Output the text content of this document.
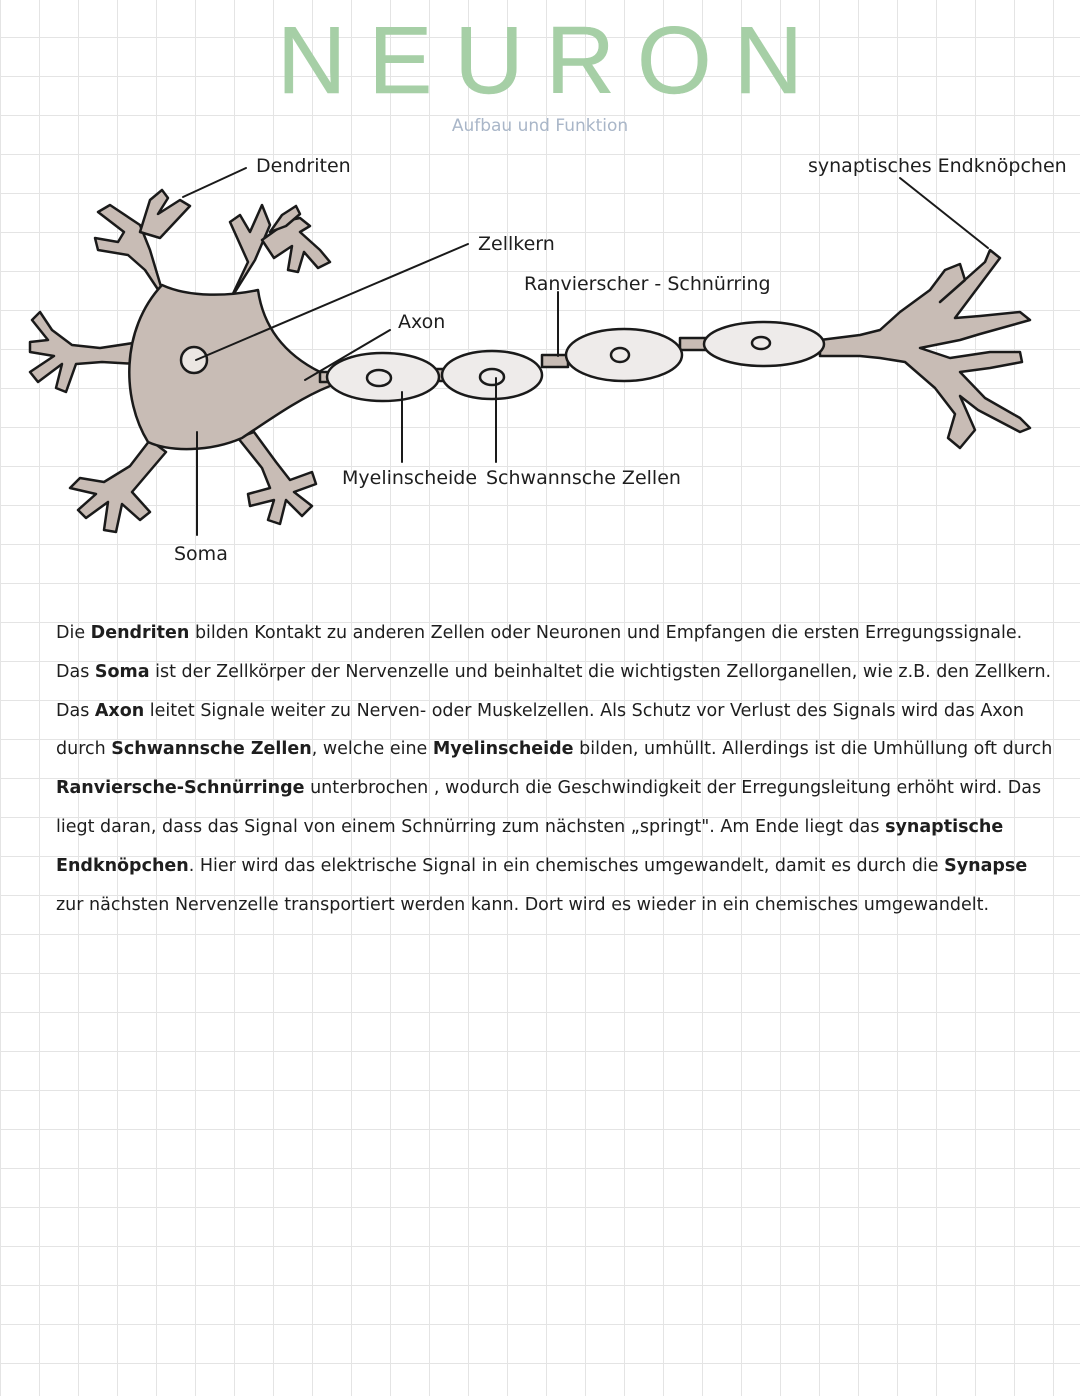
NEURON
Aufbau und Funktion
Dendriten
Zellkern
Axon
Ranvierscher - Schnürring
synaptisches Endknöpchen
Myelinscheide Schwannsche Zellen
Soma

Die Dendriten bilden Kontakt zu anderen Zellen oder Neuronen und Empfangen die ersten Erregungssignale.

Das Soma ist der Zellkörper der Nervenzelle und beinhaltet die wichtigsten Zellorganellen, wie z.B. den Zellkern.

Das Axon leitet Signale weiter zu Nerven- oder Muskelzellen. Als Schutz vor Verlust des Signals wird das Axon durch Schwannsche Zellen, welche eine Myelinscheide bilden, umhüllt. Allerdings ist die Umhüllung oft durch Ranviersche-Schnürringe unterbrochen , wodurch die Geschwindigkeit der Erregungsleitung erhöht wird. Das liegt daran, dass das Signal von einem Schnürring zum nächsten „springt". Am Ende liegt das synaptische Endknöpchen. Hier wird das elektrische Signal in ein chemisches umgewandelt, damit es durch die Synapse zur nächsten Nervenzelle transportiert werden kann. Dort wird es wieder in ein chemisches umgewandelt.
